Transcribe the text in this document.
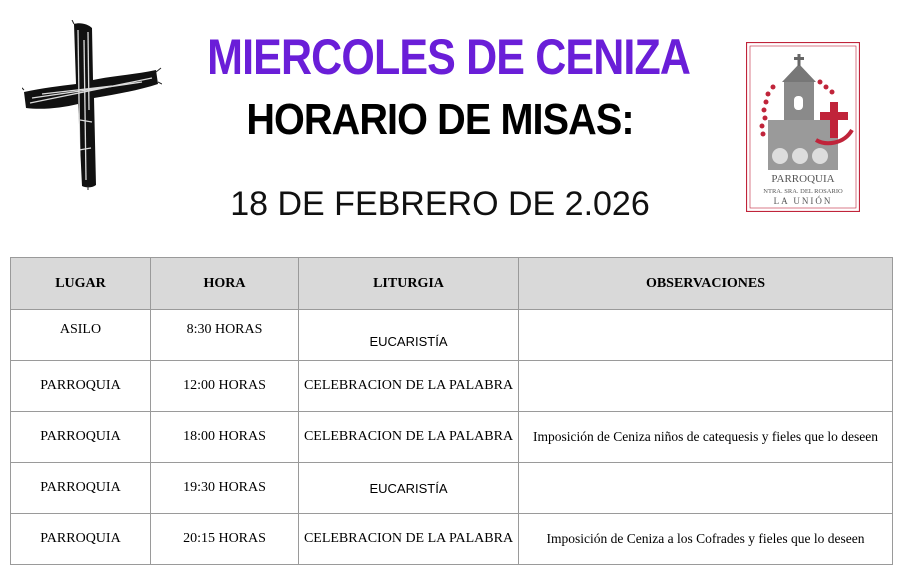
MIERCOLES DE CENIZA
HORARIO DE MISAS:
18 DE FEBRERO DE 2.026
PARROQUIA
NTRA. SRA. DEL ROSARIO
LA UNIÓN
LUGAR	HORA	LITURGIA	OBSERVACIONES
ASILO	8:30 HORAS	EUCARISTÍA	
PARROQUIA	12:00 HORAS	CELEBRACION DE LA PALABRA	
PARROQUIA	18:00 HORAS	CELEBRACION DE LA PALABRA	Imposición de Ceniza niños de catequesis y fieles que lo deseen
PARROQUIA	19:30 HORAS	EUCARISTÍA	
PARROQUIA	20:15 HORAS	CELEBRACION DE LA PALABRA	Imposición de Ceniza a los Cofrades y fieles que lo deseen
